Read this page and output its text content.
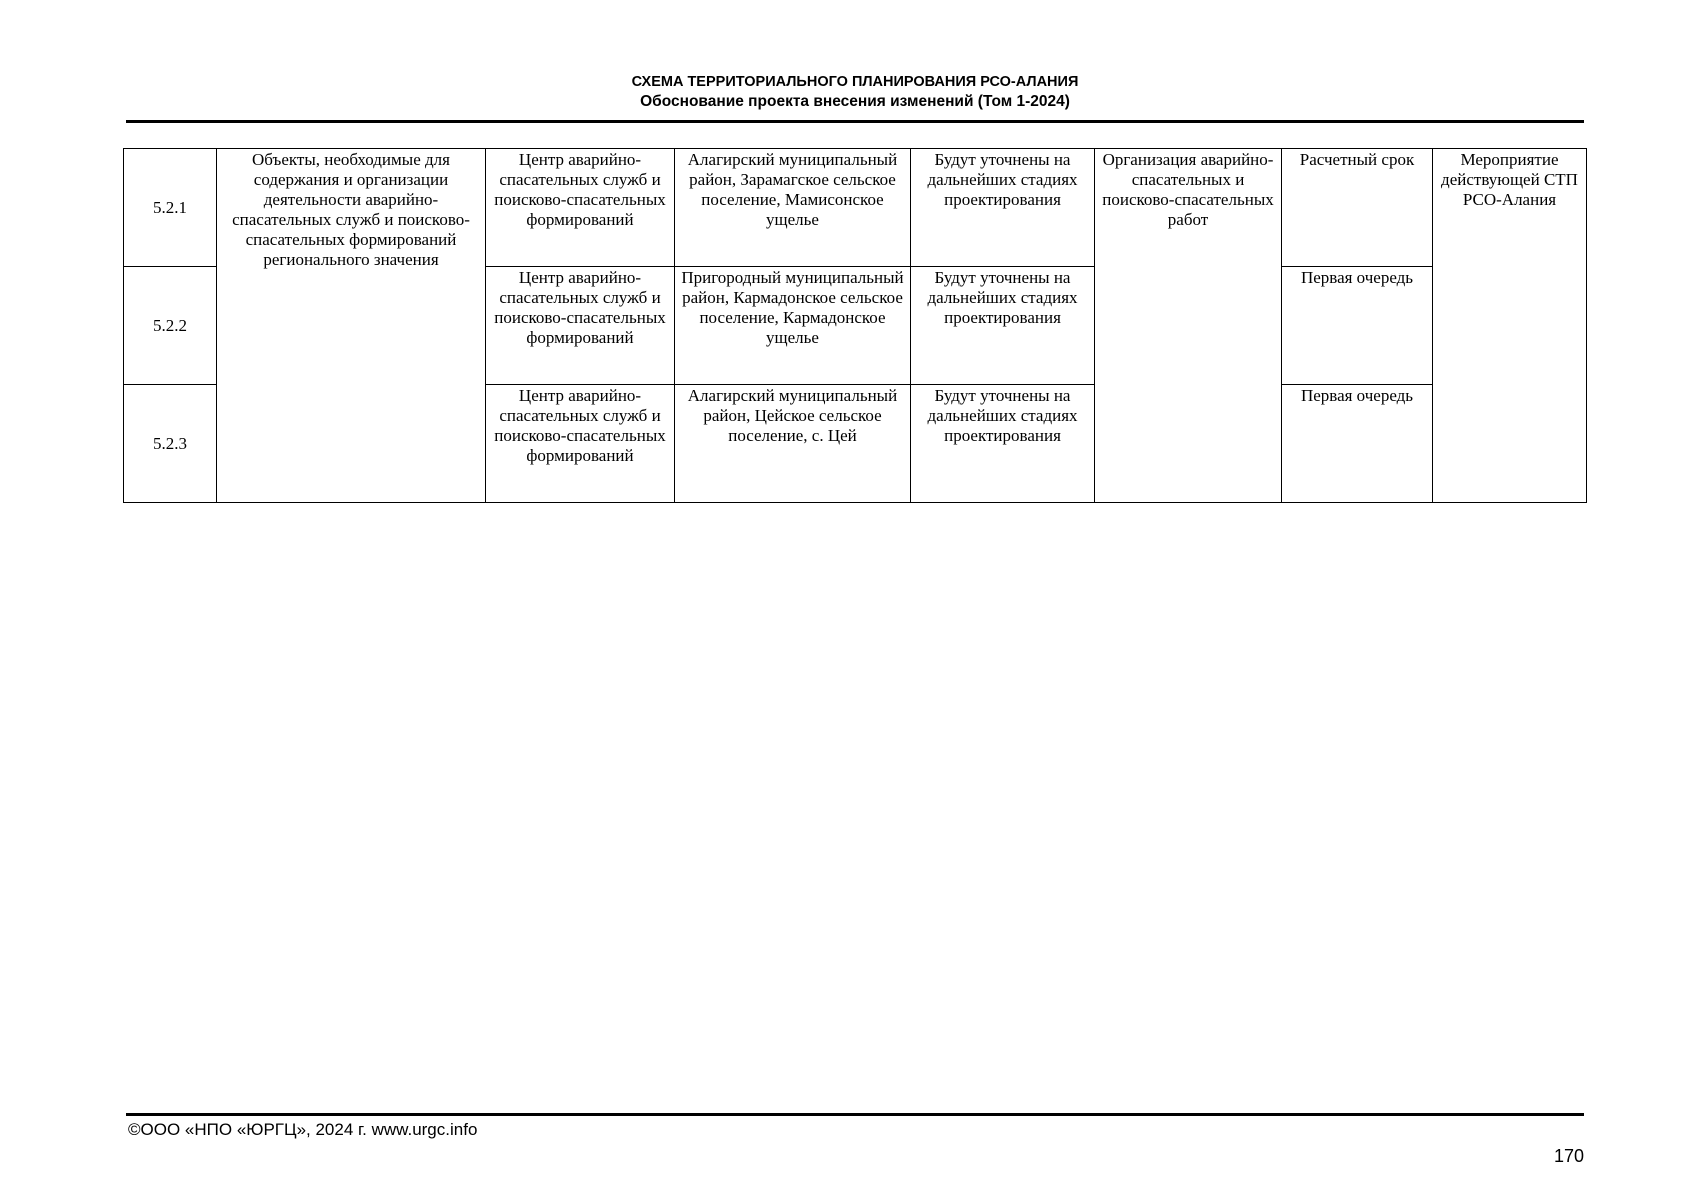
СХЕМА ТЕРРИТОРИАЛЬНОГО ПЛАНИРОВАНИЯ РСО-АЛАНИЯ
Обоснование проекта внесения изменений (Том 1-2024)
5.2.1	Объекты, необходимые для содержания и организации деятельности аварийно-спасательных служб и поисково-спасательных формирований регионального значения	Центр аварийно-спасательных служб и поисково-спасательных формирований	Алагирский муниципальный район, Зарамагское сельское поселение, Мамисонское ущелье	Будут уточнены на дальнейших стадиях проектирования	Организация аварийно-спасательных и поисково-спасательных работ	Расчетный срок	Мероприятие действующей СТП РСО-Алания
5.2.2		Центр аварийно-спасательных служб и поисково-спасательных формирований	Пригородный муниципальный район, Кармадонское сельское поселение, Кармадонское ущелье	Будут уточнены на дальнейших стадиях проектирования		Первая очередь	
5.2.3		Центр аварийно-спасательных служб и поисково-спасательных формирований	Алагирский муниципальный район, Цейское сельское поселение, с. Цей	Будут уточнены на дальнейших стадиях проектирования		Первая очередь	
©ООО «НПО «ЮРГЦ», 2024 г. www.urgc.info
170
